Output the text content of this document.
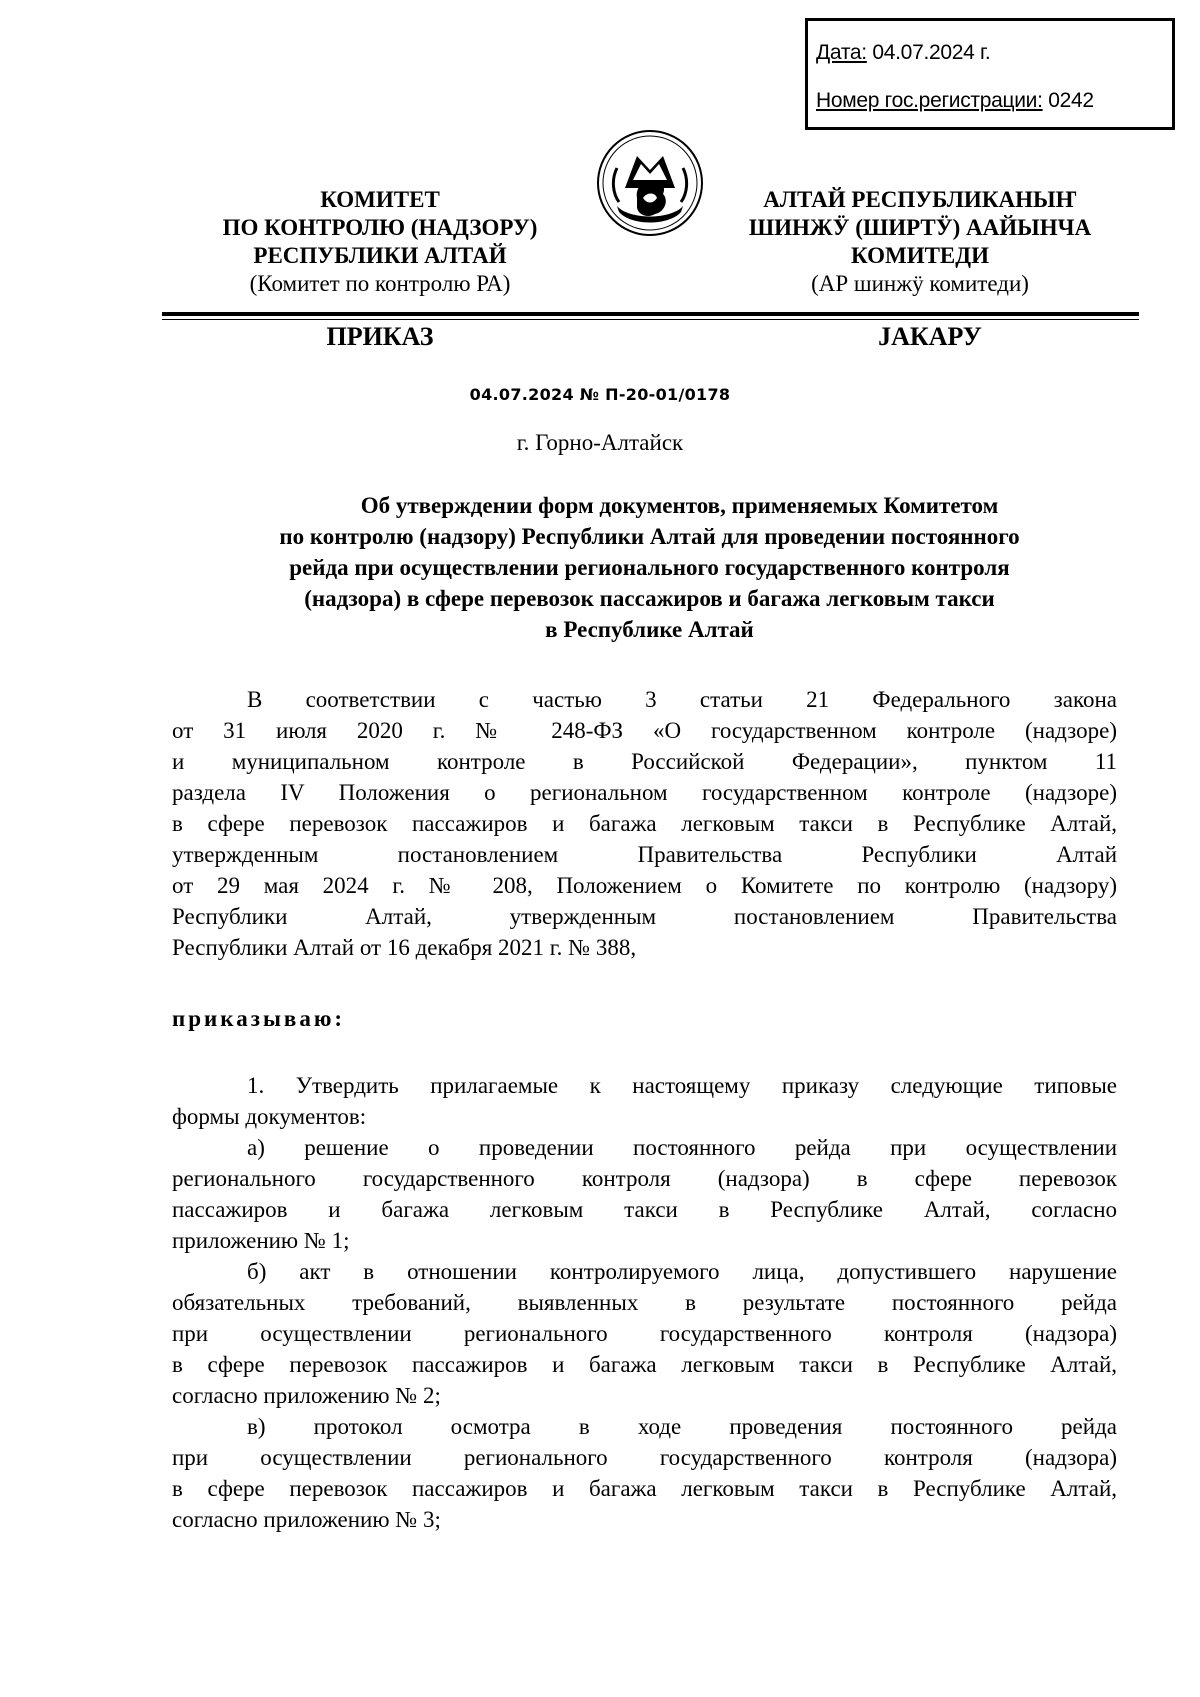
Дата: 04.07.2024 г.
Номер гос.регистрации: 0242
КОМИТЕТ
ПО КОНТРОЛЮ (НАДЗОРУ)
РЕСПУБЛИКИ АЛТАЙ
(Комитет по контролю РА)
АЛТАЙ РЕСПУБЛИКАНЫҤ
ШИНЖӰ (ШИРТӰ) ААЙЫНЧА
КОМИТЕДИ
(АР шинжӱ комитеди)
ПРИКАЗ	JАКАРУ
04.07.2024 № П-20-01/0178
г. Горно-Алтайск
Об утверждении форм документов, применяемых Комитетом
по контролю (надзору) Республики Алтай для проведении постоянного
рейда при осуществлении регионального государственного контроля
(надзора) в сфере перевозок пассажиров и багажа легковым такси
в Республике Алтай
В соответствии с частью 3 статьи 21 Федерального закона
от 31 июля 2020 г. № 248-ФЗ «О государственном контроле (надзоре)
и муниципальном контроле в Российской Федерации», пунктом 11
раздела IV Положения о региональном государственном контроле (надзоре)
в сфере перевозок пассажиров и багажа легковым такси в Республике Алтай,
утвержденным постановлением Правительства Республики Алтай
от 29 мая 2024 г. № 208, Положением о Комитете по контролю (надзору)
Республики Алтай, утвержденным постановлением Правительства
Республики Алтай от 16 декабря 2021 г. № 388,
приказываю:
1. Утвердить прилагаемые к настоящему приказу следующие типовые
формы документов:
а) решение о проведении постоянного рейда при осуществлении
регионального государственного контроля (надзора) в сфере перевозок
пассажиров и багажа легковым такси в Республике Алтай, согласно
приложению № 1;
б) акт в отношении контролируемого лица, допустившего нарушение
обязательных требований, выявленных в результате постоянного рейда
при осуществлении регионального государственного контроля (надзора)
в сфере перевозок пассажиров и багажа легковым такси в Республике Алтай,
согласно приложению № 2;
в) протокол осмотра в ходе проведения постоянного рейда
при осуществлении регионального государственного контроля (надзора)
в сфере перевозок пассажиров и багажа легковым такси в Республике Алтай,
согласно приложению № 3;
